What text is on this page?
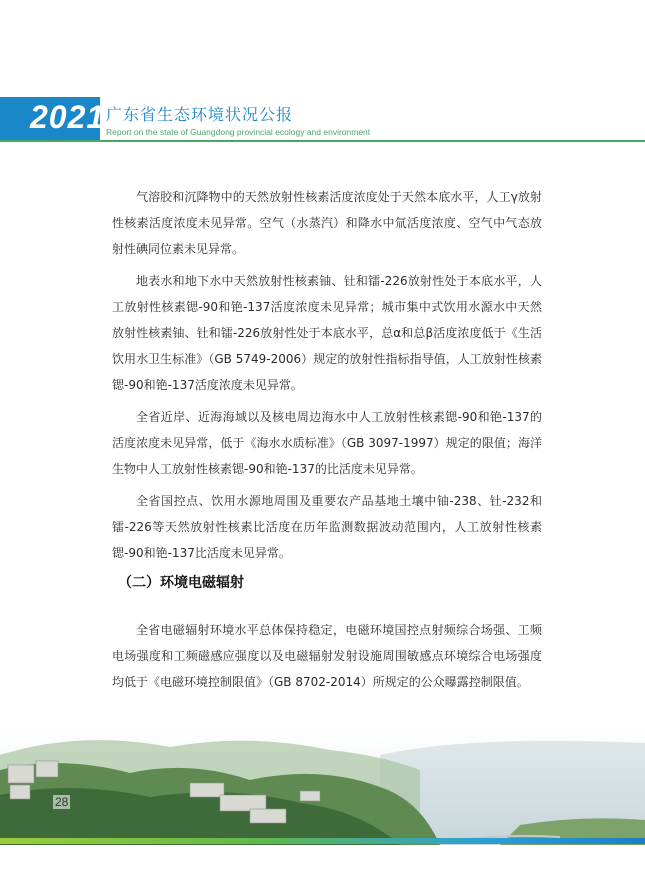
2021 广东省生态环境状况公报
Report on the state of Guangdong provincial ecology and environment

气溶胶和沉降物中的天然放射性核素活度浓度处于天然本底水平，人工γ放射性核素活度浓度未见异常。空气（水蒸汽）和降水中氚活度浓度、空气中气态放射性碘同位素未见异常。

地表水和地下水中天然放射性核素铀、钍和镭-226放射性处于本底水平，人工放射性核素锶-90和铯-137活度浓度未见异常；城市集中式饮用水源水中天然放射性核素铀、钍和镭-226放射性处于本底水平，总α和总β活度浓度低于《生活饮用水卫生标准》（GB 5749-2006）规定的放射性指标指导值，人工放射性核素锶-90和铯-137活度浓度未见异常。

全省近岸、近海海域以及核电周边海水中人工放射性核素锶-90和铯-137的活度浓度未见异常，低于《海水水质标准》（GB 3097-1997）规定的限值；海洋生物中人工放射性核素锶-90和铯-137的比活度未见异常。

全省国控点、饮用水源地周围及重要农产品基地土壤中铀-238、钍-232和镭-226等天然放射性核素比活度在历年监测数据波动范围内，人工放射性核素锶-90和铯-137比活度未见异常。

（二）环境电磁辐射

全省电磁辐射环境水平总体保持稳定，电磁环境国控点射频综合场强、工频电场强度和工频磁感应强度以及电磁辐射发射设施周围敏感点环境综合电场强度均低于《电磁环境控制限值》（GB 8702-2014）所规定的公众曝露控制限值。

28
